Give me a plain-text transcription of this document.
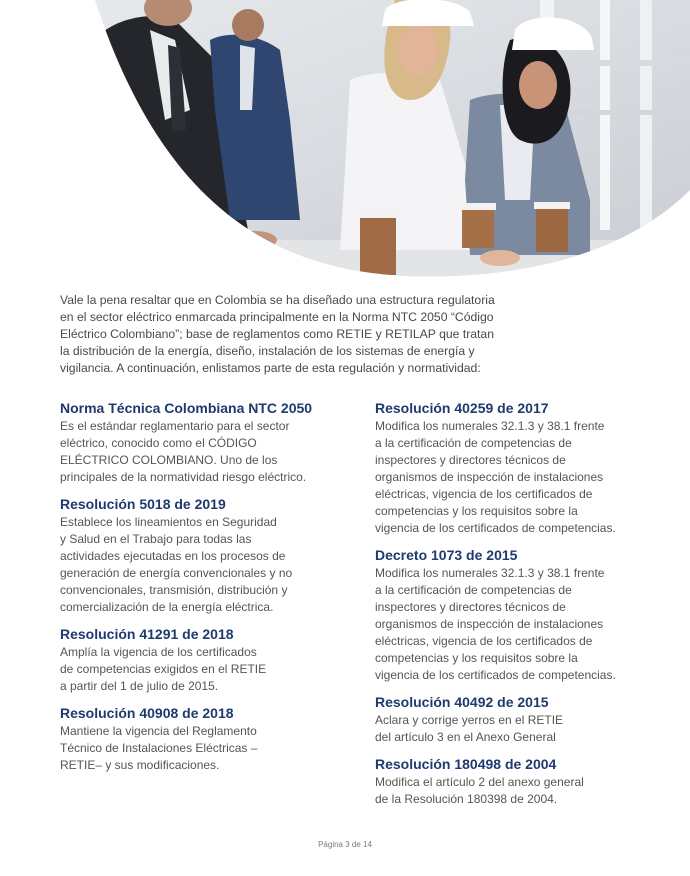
Vale la pena resaltar que en Colombia se ha diseñado una estructura regulatoria

en el sector eléctrico enmarcada principalmente en la Norma NTC 2050 “Código

Eléctrico Colombiano”; base de reglamentos como RETIE y RETILAP que tratan

la distribución de la energía, diseño, instalación de los sistemas de energía y

vigilancia. A continuación, enlistamos parte de esta regulación y normatividad:

Norma Técnica Colombiana NTC 2050

Es el estándar reglamentario para el sector

eléctrico, conocido como el CÓDIGO

ELÉCTRICO COLOMBIANO. Uno de los

principales de la normatividad riesgo eléctrico.

Resolución 5018 de 2019

Establece los lineamientos en Seguridad

y Salud en el Trabajo para todas las

actividades ejecutadas en los procesos de

generación de energía convencionales y no

convencionales, transmisión, distribución y

comercialización de la energía eléctrica.

Resolución 41291 de 2018

Amplía la vigencia de los certificados

de competencias exigidos en el RETIE

a partir del 1 de julio de 2015.

Resolución 40908 de 2018

Mantiene la vigencia del Reglamento

Técnico de Instalaciones Eléctricas –

RETIE– y sus modificaciones.

Resolución 40259 de 2017

Modifica los numerales 32.1.3 y 38.1 frente

a la certificación de competencias de

inspectores y directores técnicos de

organismos de inspección de instalaciones

eléctricas, vigencia de los certificados de

competencias y los requisitos sobre la

vigencia de los certificados de competencias.

Decreto 1073 de 2015

Modifica los numerales 32.1.3 y 38.1 frente

a la certificación de competencias de

inspectores y directores técnicos de

organismos de inspección de instalaciones

eléctricas, vigencia de los certificados de

competencias y los requisitos sobre la

vigencia de los certificados de competencias.

Resolución 40492 de 2015

Aclara y corrige yerros en el RETIE

del artículo 3 en el Anexo General

Resolución 180498 de 2004

Modifica el artículo 2 del anexo general

de la Resolución 180398 de 2004.

Página 3 de 14
